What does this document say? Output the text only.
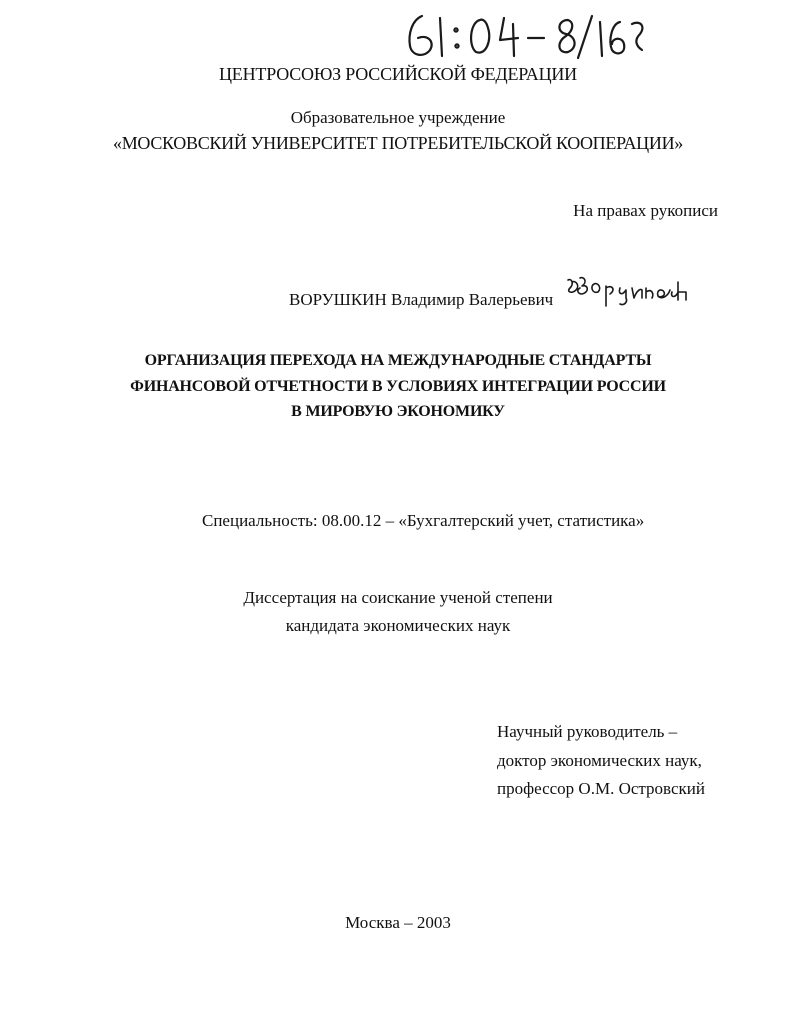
ЦЕНТРОСОЮЗ РОССИЙСКОЙ ФЕДЕРАЦИИ
Образовательное учреждение
«МОСКОВСКИЙ УНИВЕРСИТЕТ ПОТРЕБИТЕЛЬСКОЙ КООПЕРАЦИИ»
На правах рукописи
ВОРУШКИН Владимир Валерьевич
ОРГАНИЗАЦИЯ ПЕРЕХОДА НА МЕЖДУНАРОДНЫЕ СТАНДАРТЫ
ФИНАНСОВОЙ ОТЧЕТНОСТИ В УСЛОВИЯХ ИНТЕГРАЦИИ РОССИИ
В МИРОВУЮ ЭКОНОМИКУ
Специальность: 08.00.12 – «Бухгалтерский учет, статистика»
Диссертация на соискание ученой степени
кандидата экономических наук
Научный руководитель –
доктор экономических наук,
профессор О.М. Островский
Москва – 2003
